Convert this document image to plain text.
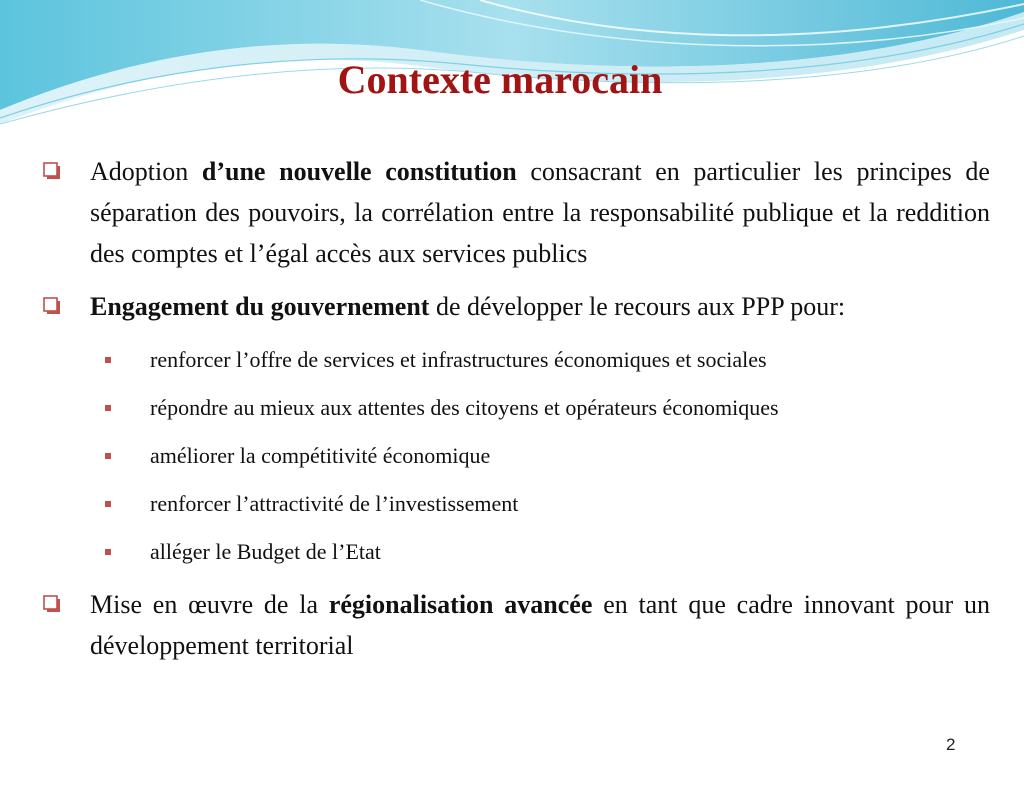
Contexte marocain
Adoption d’une nouvelle constitution consacrant en particulier les principes de séparation des pouvoirs, la corrélation entre la responsabilité publique et la reddition des comptes et l’égal accès aux services publics
Engagement du gouvernement de développer le recours aux PPP pour:
renforcer l’offre de services et infrastructures économiques et sociales
répondre au mieux aux attentes des citoyens et opérateurs économiques
améliorer la compétitivité économique
renforcer l’attractivité de l’investissement
alléger le Budget de l’Etat
Mise en œuvre de la régionalisation avancée en tant que cadre innovant pour un développement territorial
2
